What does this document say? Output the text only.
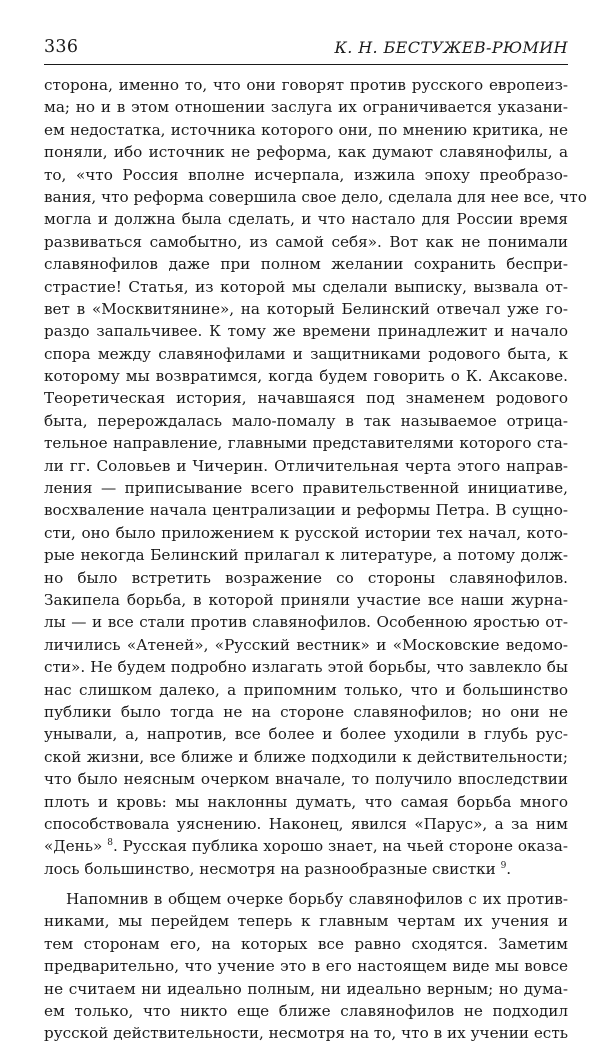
336	К. Н. БЕСТУЖЕВ-РЮМИН
сторона, именно то, что они говорят против русского европеиз-
ма; но и в этом отношении заслуга их ограничивается указани-
ем недостатка, источника которого они, по мнению критика, не
поняли, ибо источник не реформа, как думают славянофилы, а
то, «что Россия вполне исчерпала, изжила эпоху преобразо-
вания, что реформа совершила свое дело, сделала для нее все, что
могла и должна была сделать, и что настало для России время
развиваться самобытно, из самой себя». Вот как не понимали
славянофилов даже при полном желании сохранить беспри-
страстие! Статья, из которой мы сделали выписку, вызвала от-
вет в «Москвитянине», на который Белинский отвечал уже го-
раздо запальчивее. К тому же времени принадлежит и начало
спора между славянофилами и защитниками родового быта, к
которому мы возвратимся, когда будем говорить о К. Аксакове.
Теоретическая история, начавшаяся под знаменем родового
быта, перерождалась мало-помалу в так называемое отрица-
тельное направление, главными представителями которого ста-
ли гг. Соловьев и Чичерин. Отличительная черта этого направ-
ления — приписывание всего правительственной инициативе,
восхваление начала централизации и реформы Петра. В сущно-
сти, оно было приложением к русской истории тех начал, кото-
рые некогда Белинский прилагал к литературе, а потому долж-
но было встретить возражение со стороны славянофилов.
Закипела борьба, в которой приняли участие все наши журна-
лы — и все стали против славянофилов. Особенною яростью от-
личились «Атеней», «Русский вестник» и «Московские ведомо-
сти». Не будем подробно излагать этой борьбы, что завлекло бы
нас слишком далеко, а припомним только, что и большинство
публики было тогда не на стороне славянофилов; но они не
унывали, а, напротив, все более и более уходили в глубь рус-
ской жизни, все ближе и ближе подходили к действительности;
что было неясным очерком вначале, то получило впоследствии
плоть и кровь: мы наклонны думать, что самая борьба много
способствовала уяснению. Наконец, явился «Парус», а за ним
«День» $^8$. Русская публика хорошо знает, на чьей стороне оказа-
лось большинство, несмотря на разнообразные свистки $^9$.
Напомнив в общем очерке борьбу славянофилов с их против-
никами, мы перейдем теперь к главным чертам их учения и
тем сторонам его, на которых все равно сходятся. Заметим
предварительно, что учение это в его настоящем виде мы вовсе
не считаем ни идеально полным, ни идеально верным; но дума-
ем только, что никто еще ближе славянофилов не подходил
русской действительности, несмотря на то, что в их учении есть
